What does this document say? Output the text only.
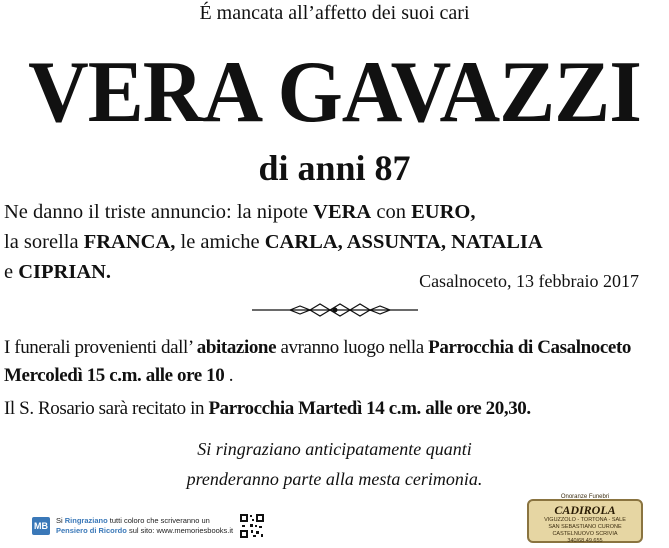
É mancata all’affetto dei suoi cari
VERA GAVAZZI
di anni 87
Ne danno il triste annuncio: la nipote VERA con EURO,
la sorella FRANCA, le amiche CARLA, ASSUNTA, NATALIA
e CIPRIAN.	Casalnoceto, 13 febbraio 2017
I funerali provenienti dall’ abitazione avranno luogo nella Parrocchia di Casalnoceto Mercoledì 15 c.m. alle ore 10 .
Il S. Rosario sarà recitato in Parrocchia Martedì 14 c.m. alle ore 20,30.
Si ringraziano anticipatamente quanti
prenderanno parte alla mesta cerimonia.
MB
Si Ringraziano tutti coloro che scriveranno un
Pensiero di Ricordo sul sito: www.memoriesbooks.it
Onoranze Funebri
CADIROLA
VIGUZZOLO - TORTONA - SALE
SAN SEBASTIANO CURONE
CASTELNUOVO SCRIVIA
340/68.49.655
